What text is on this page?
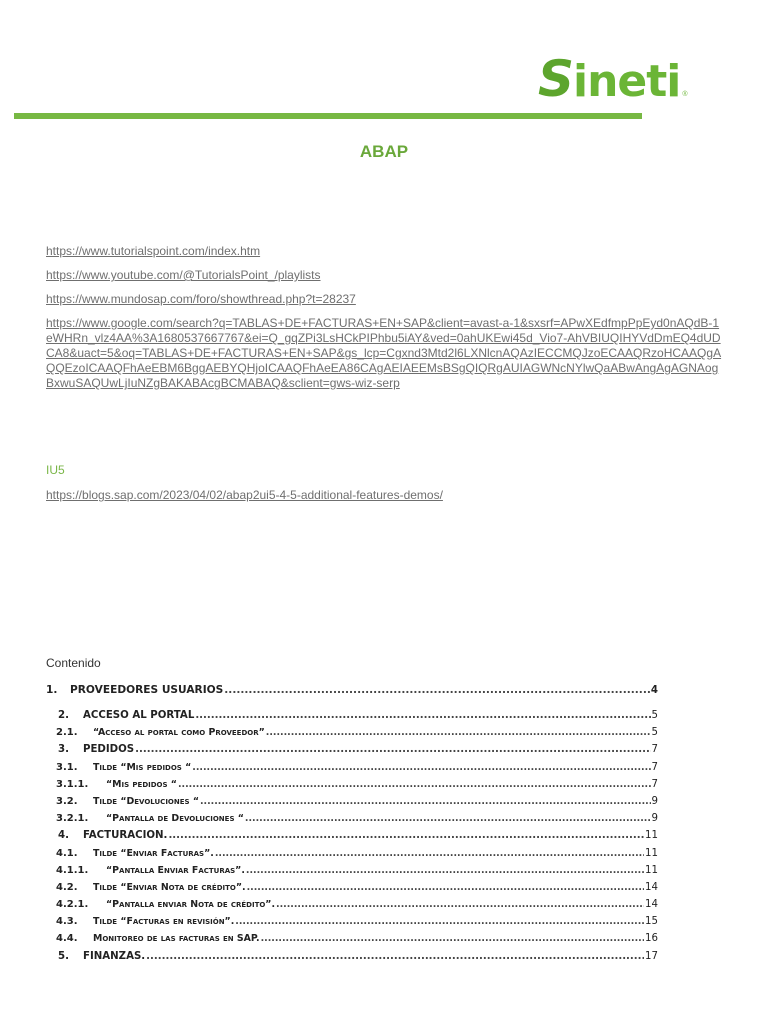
Sineti ®
ABAP
https://www.tutorialspoint.com/index.htm
https://www.youtube.com/@TutorialsPoint_/playlists
https://www.mundosap.com/foro/showthread.php?t=28237
https://www.google.com/search?q=TABLAS+DE+FACTURAS+EN+SAP&client=avast-a-1&sxsrf=APwXEdfmpPpEyd0nAQdB-1eWHRn_vlz4AA%3A1680537667767&ei=Q_gqZPi3LsHCkPIPhbu5iAY&ved=0ahUKEwi45d_Vio7-AhVBIUQIHYVdDmEQ4dUDCA8&uact=5&oq=TABLAS+DE+FACTURAS+EN+SAP&gs_lcp=Cgxnd3Mtd2l6LXNlcnAQAzIECCMQJzoECAAQRzoHCAAQgAQQEzoICAAQFhAeEBM6BggAEBYQHjoICAAQFhAeEA86CAgAEIAEEMsBSgQIQRgAUIAGWNcNYlwQaABwAngAgAGNAogBxwuSAQUwLjIuNZgBAKABAcgBCMABAQ&sclient=gws-wiz-serp
IU5
https://blogs.sap.com/2023/04/02/abap2ui5-4-5-additional-features-demos/
Contenido
1.	PROVEEDORES USUARIOS .....	4
2.	ACCESO AL PORTAL .....	5
2.1.	“Acceso al portal como Proveedor” .....	5
3.	PEDIDOS .....	7
3.1.	Tilde “Mis pedidos “ .....	7
3.1.1.	“Mis pedidos “ .....	7
3.2.	Tilde “Devoluciones “ .....	9
3.2.1.	“Pantalla de Devoluciones “ .....	9
4.	FACTURACIÓN. .....	11
4.1.	Tilde “Enviar Facturas”. .....	11
4.1.1.	“Pantalla Enviar Facturas”. .....	11
4.2.	Tilde “Enviar Nota de crédito”. .....	14
4.2.1.	“Pantalla enviar Nota de crédito”. .....	14
4.3.	Tilde “Facturas en revisión”. .....	15
4.4.	Monitoreo de las facturas en SAP. .....	16
5.	FINANZAS. .....	17
